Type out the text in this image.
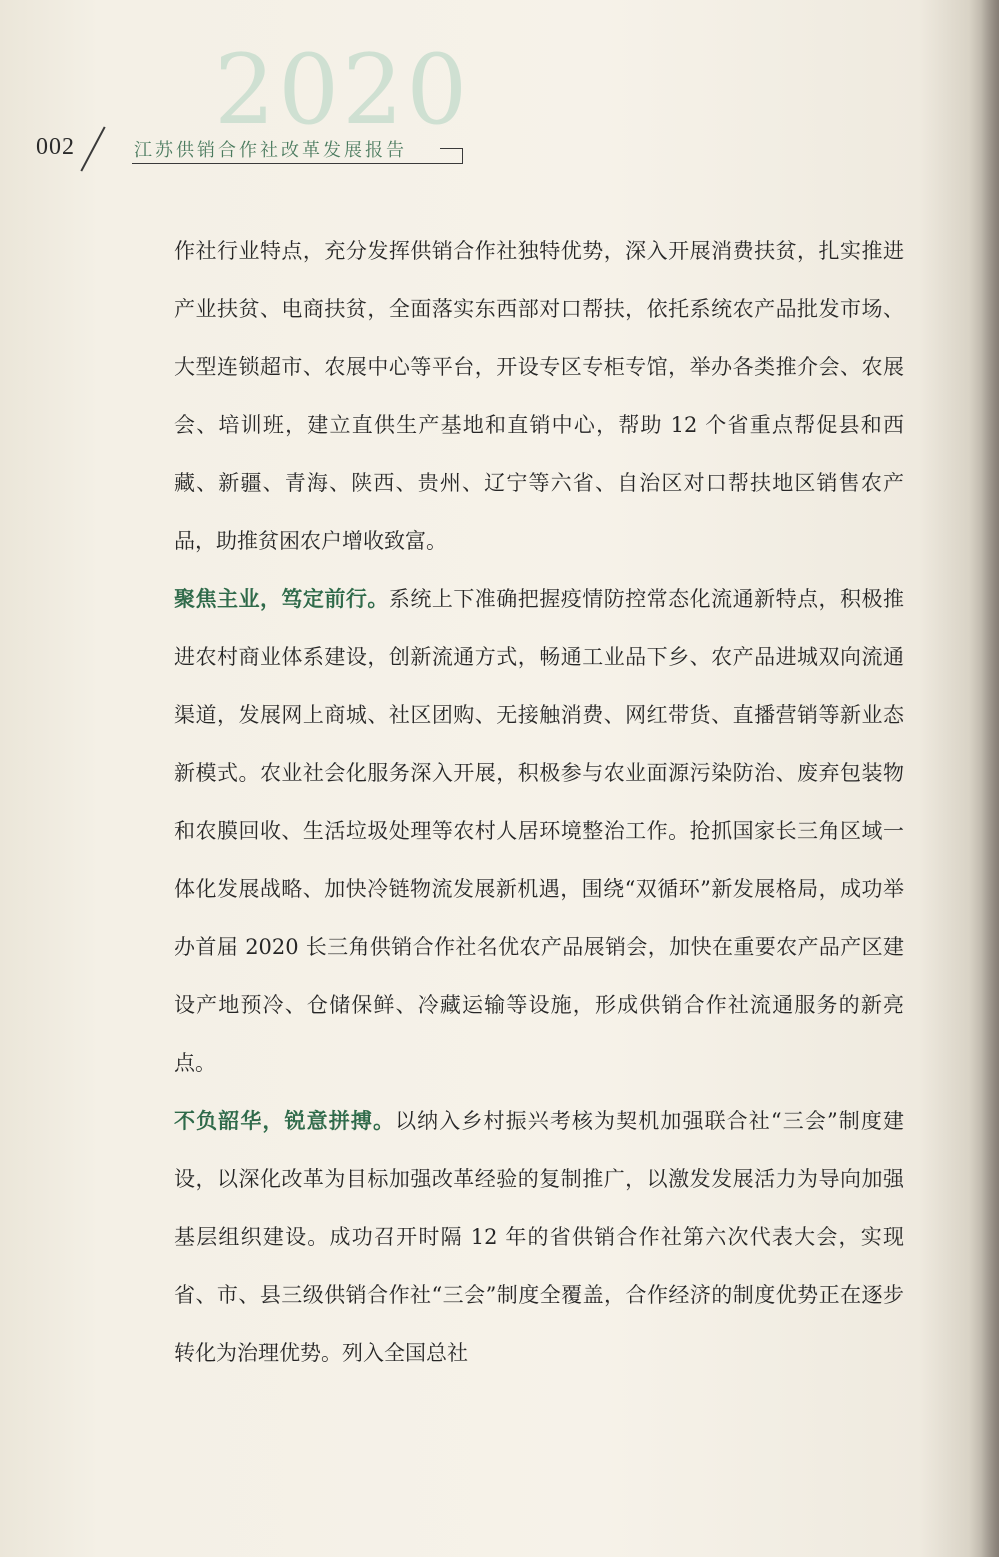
2020
002	江苏供销合作社改革发展报告

作社行业特点，充分发挥供销合作社独特优势，深入开展消费扶贫，扎实推进产业扶贫、电商扶贫，全面落实东西部对口帮扶，依托系统农产品批发市场、大型连锁超市、农展中心等平台，开设专区专柜专馆，举办各类推介会、农展会、培训班，建立直供生产基地和直销中心，帮助 12 个省重点帮促县和西藏、新疆、青海、陕西、贵州、辽宁等六省、自治区对口帮扶地区销售农产品，助推贫困农户增收致富。

聚焦主业，笃定前行。系统上下准确把握疫情防控常态化流通新特点，积极推进农村商业体系建设，创新流通方式，畅通工业品下乡、农产品进城双向流通渠道，发展网上商城、社区团购、无接触消费、网红带货、直播营销等新业态新模式。农业社会化服务深入开展，积极参与农业面源污染防治、废弃包装物和农膜回收、生活垃圾处理等农村人居环境整治工作。抢抓国家长三角区域一体化发展战略、加快冷链物流发展新机遇，围绕“双循环”新发展格局，成功举办首届 2020 长三角供销合作社名优农产品展销会，加快在重要农产品产区建设产地预冷、仓储保鲜、冷藏运输等设施，形成供销合作社流通服务的新亮点。

不负韶华，锐意拼搏。以纳入乡村振兴考核为契机加强联合社“三会”制度建设，以深化改革为目标加强改革经验的复制推广，以激发发展活力为导向加强基层组织建设。成功召开时隔 12 年的省供销合作社第六次代表大会，实现省、市、县三级供销合作社“三会”制度全覆盖，合作经济的制度优势正在逐步转化为治理优势。列入全国总社
